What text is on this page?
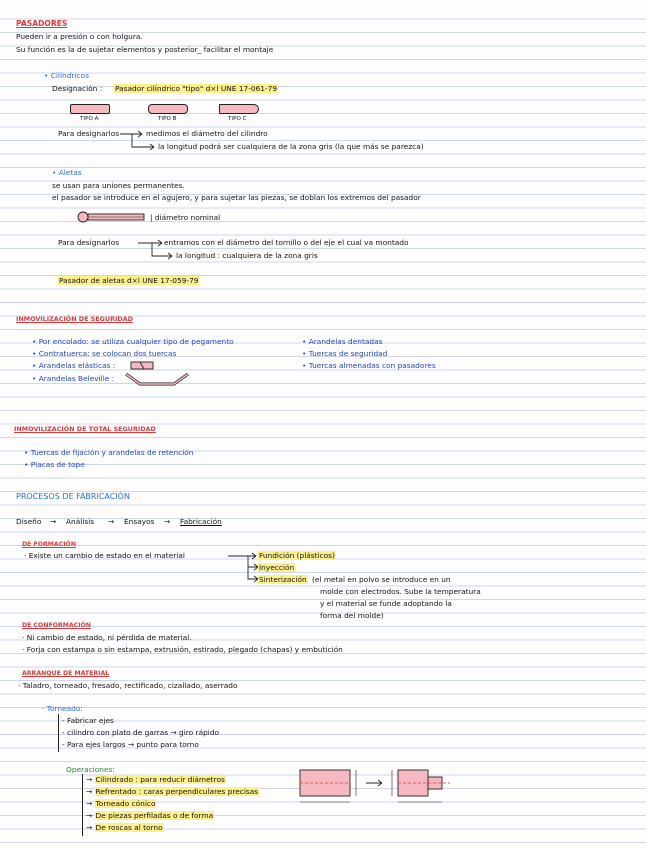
PASADORES
Pueden ir a presión o con holgura.
Su función es la de sujetar elementos y posterior_ facilitar el montaje
• Cilíndricos
Designación : Pasador cilíndrico "tipo" d×l UNE 17-061-79
TIPO A	TIPO B	TIPO C
Para designarlos	medimos el diámetro del cilindro
la longitud podrá ser cualquiera de la zona gris (la que más se parezca)
• Aletas
se usan para uniones permanentes.
el pasador se introduce en el agujero, y para sujetar las piezas, se doblan los extremos del pasador
| diámetro nominal
Para designarlos	entramos con el diámetro del tornillo o del eje el cual va montado
la longitud : cualquiera de la zona gris
Pasador de aletas d×l UNE 17-059-79
INMOVILIZACIÓN DE SEGURIDAD
• Por encolado: se utiliza cualquier tipo de pegamento
• Contratuerca: se colocan dos tuercas
• Arandelas elásticas :
• Arandelas Beleville :
• Arandelas dentadas
• Tuercas de seguridad
• Tuercas almenadas con pasadores
INMOVILIZACIÓN DE TOTAL SEGURIDAD
• Tuercas de fijación y arandelas de retención
• Placas de tope
PROCESOS DE FABRICACIÓN
Diseño → Análisis → Ensayos → Fabricación
DE FORMACIÓN
· Existe un cambio de estado en el material	Fundición (plásticos)
Inyección
Sinterización (el metal en polvo se introduce en un
molde con electrodos. Sube la temperatura
y el material se funde adoptando la
forma del molde)
DE CONFORMACIÓN
· Ni cambio de estado, ni pérdida de material.
· Forja con estampa o sin estampa, extrusión, estirado, plegado (chapas) y embutición
ARRANQUE DE MATERIAL
· Taladro, torneado, fresado, rectificado, cizallado, aserrado
· Torneado:
- Fabricar ejes
- cilindro con plato de garras → giro rápido
- Para ejes largos → punto para torno
Operaciones:
→ Cilindrado : para reducir diámetros
→ Refrentado : caras perpendiculares precisas
→ Torneado cónico
→ De piezas perfiladas o de forma
→ De roscas al torno
